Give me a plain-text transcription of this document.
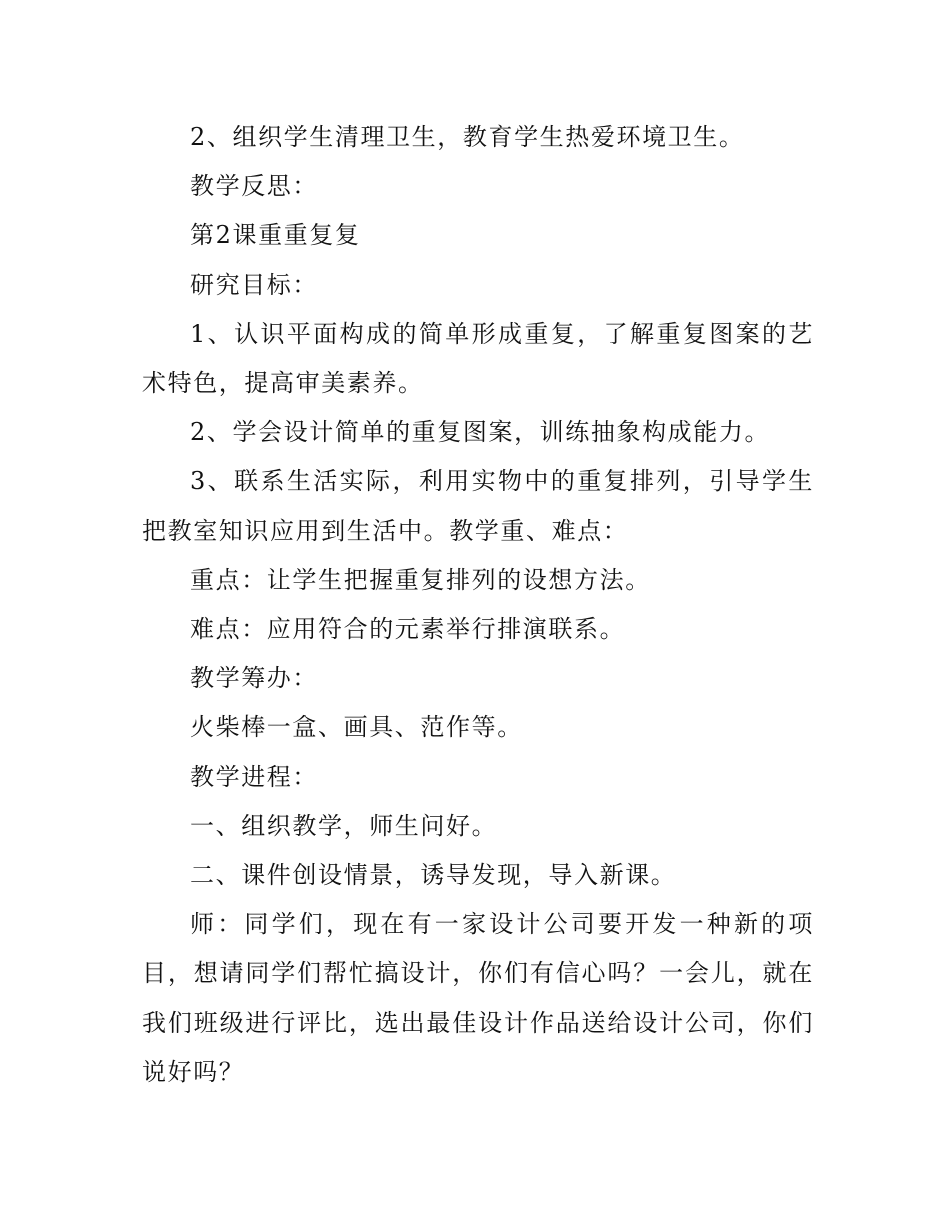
2、组织学生清理卫生，教育学生热爱环境卫生。

教学反思：

第2课重重复复

研究目标：

1、认识平面构成的简单形成重复，了解重复图案的艺术特色，提高审美素养。

2、学会设计简单的重复图案，训练抽象构成能力。

3、联系生活实际，利用实物中的重复排列，引导学生把教室知识应用到生活中。教学重、难点：

重点：让学生把握重复排列的设想方法。

难点：应用符合的元素举行排演联系。

教学筹办：

火柴棒一盒、画具、范作等。

教学进程：

一、组织教学，师生问好。

二、课件创设情景，诱导发现，导入新课。

师：同学们，现在有一家设计公司要开发一种新的项目，想请同学们帮忙搞设计，你们有信心吗？一会儿，就在我们班级进行评比，选出最佳设计作品送给设计公司，你们说好吗？
